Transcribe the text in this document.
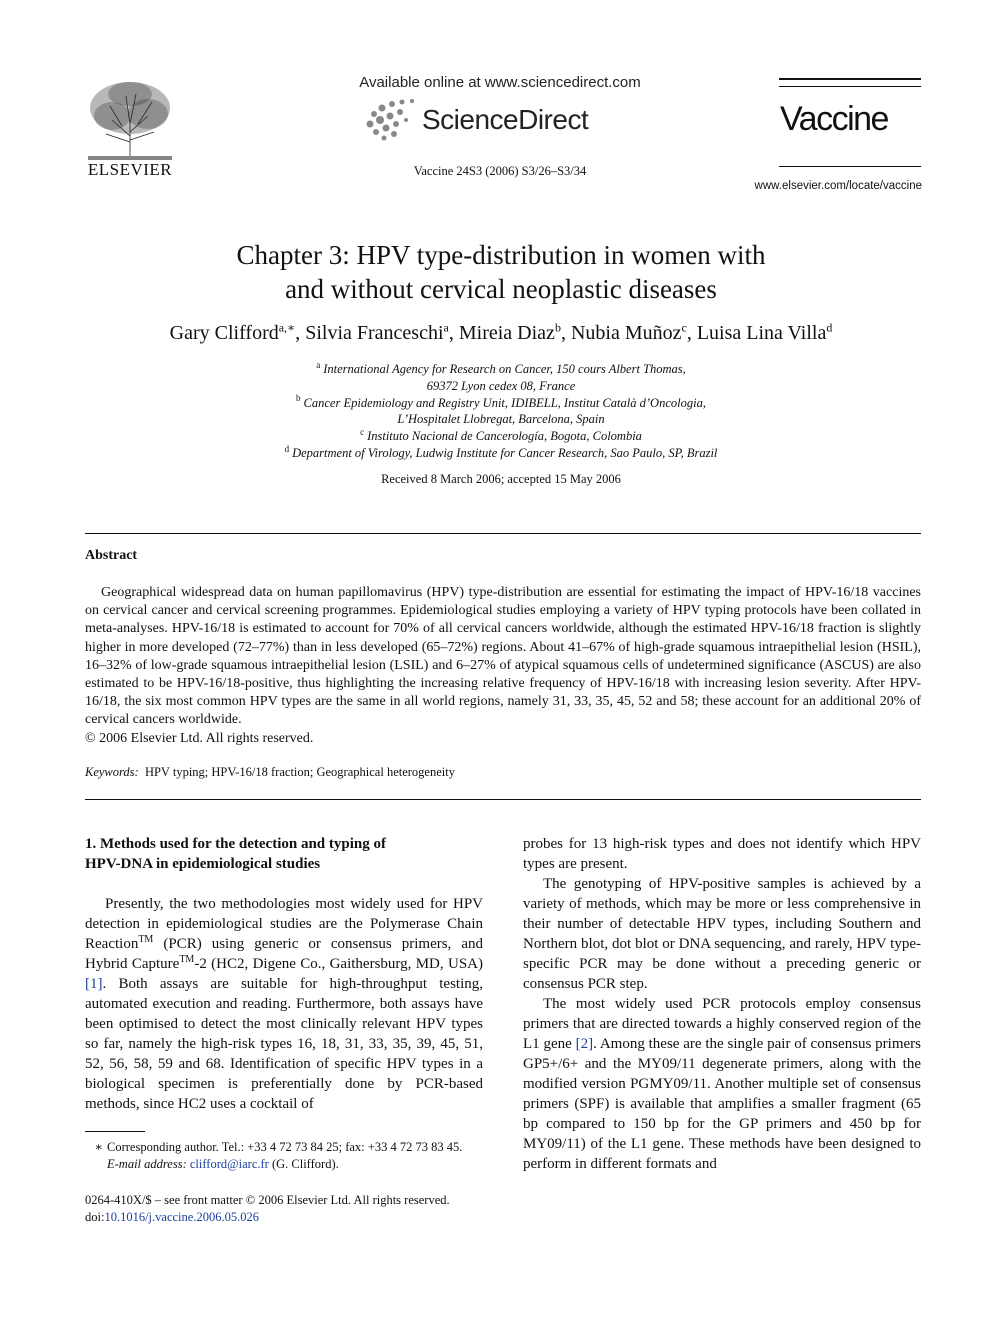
ELSEVIER
Available online at www.sciencedirect.com
ScienceDirect
Vaccine 24S3 (2006) S3/26–S3/34
Vaccine
www.elsevier.com/locate/vaccine
Chapter 3: HPV type-distribution in women with
and without cervical neoplastic diseases
Gary Clifford$^{a,∗}$, Silvia Franceschi$^a$, Mireia Diaz$^b$, Nubia Muñoz$^c$, Luisa Lina Villa$^d$
$^a$ International Agency for Research on Cancer, 150 cours Albert Thomas,
69372 Lyon cedex 08, France
$^b$ Cancer Epidemiology and Registry Unit, IDIBELL, Institut Català d’Oncologia,
L’Hospitalet Llobregat, Barcelona, Spain
$^c$ Instituto Nacional de Cancerología, Bogota, Colombia
$^d$ Department of Virology, Ludwig Institute for Cancer Research, Sao Paulo, SP, Brazil
Received 8 March 2006; accepted 15 May 2006
Abstract
Geographical widespread data on human papillomavirus (HPV) type-distribution are essential for estimating the impact of HPV-16/18 vaccines on cervical cancer and cervical screening programmes. Epidemiological studies employing a variety of HPV typing protocols have been collated in meta-analyses. HPV-16/18 is estimated to account for 70% of all cervical cancers worldwide, although the estimated HPV-16/18 fraction is slightly higher in more developed (72–77%) than in less developed (65–72%) regions. About 41–67% of high-grade squamous intraepithelial lesion (HSIL), 16–32% of low-grade squamous intraepithelial lesion (LSIL) and 6–27% of atypical squamous cells of undetermined significance (ASCUS) are also estimated to be HPV-16/18-positive, thus highlighting the increasing relative frequency of HPV-16/18 with increasing lesion severity. After HPV-16/18, the six most common HPV types are the same in all world regions, namely 31, 33, 35, 45, 52 and 58; these account for an additional 20% of cervical cancers worldwide.
© 2006 Elsevier Ltd. All rights reserved.
Keywords: HPV typing; HPV-16/18 fraction; Geographical heterogeneity
1. Methods used for the detection and typing of
HPV-DNA in epidemiological studies

Presently, the two methodologies most widely used for HPV detection in epidemiological studies are the Polymerase Chain Reaction™ (PCR) using generic or consensus primers, and Hybrid Capture™-2 (HC2, Digene Co., Gaithersburg, MD, USA) [1]. Both assays are suitable for high-throughput testing, automated execution and reading. Furthermore, both assays have been optimised to detect the most clinically relevant HPV types so far, namely the high-risk types 16, 18, 31, 33, 35, 39, 45, 51, 52, 56, 58, 59 and 68. Identification of specific HPV types in a biological specimen is preferentially done by PCR-based methods, since HC2 uses a cocktail of

probes for 13 high-risk types and does not identify which HPV types are present.

The genotyping of HPV-positive samples is achieved by a variety of methods, which may be more or less comprehensive in their number of detectable HPV types, including Southern and Northern blot, dot blot or DNA sequencing, and rarely, HPV type-specific PCR may be done without a preceding generic or consensus PCR step.

The most widely used PCR protocols employ consensus primers that are directed towards a highly conserved region of the L1 gene [2]. Among these are the single pair of consensus primers GP5+/6+ and the MY09/11 degenerate primers, along with the modified version PGMY09/11. Another multiple set of consensus primers (SPF) is available that amplifies a smaller fragment (65 bp compared to 150 bp for the GP primers and 450 bp for MY09/11) of the L1 gene. These methods have been designed to perform in different formats and

∗ Corresponding author. Tel.: +33 4 72 73 84 25; fax: +33 4 72 73 83 45.
E-mail address: clifford@iarc.fr (G. Clifford).
0264-410X/$ – see front matter © 2006 Elsevier Ltd. All rights reserved.
doi:10.1016/j.vaccine.2006.05.026
